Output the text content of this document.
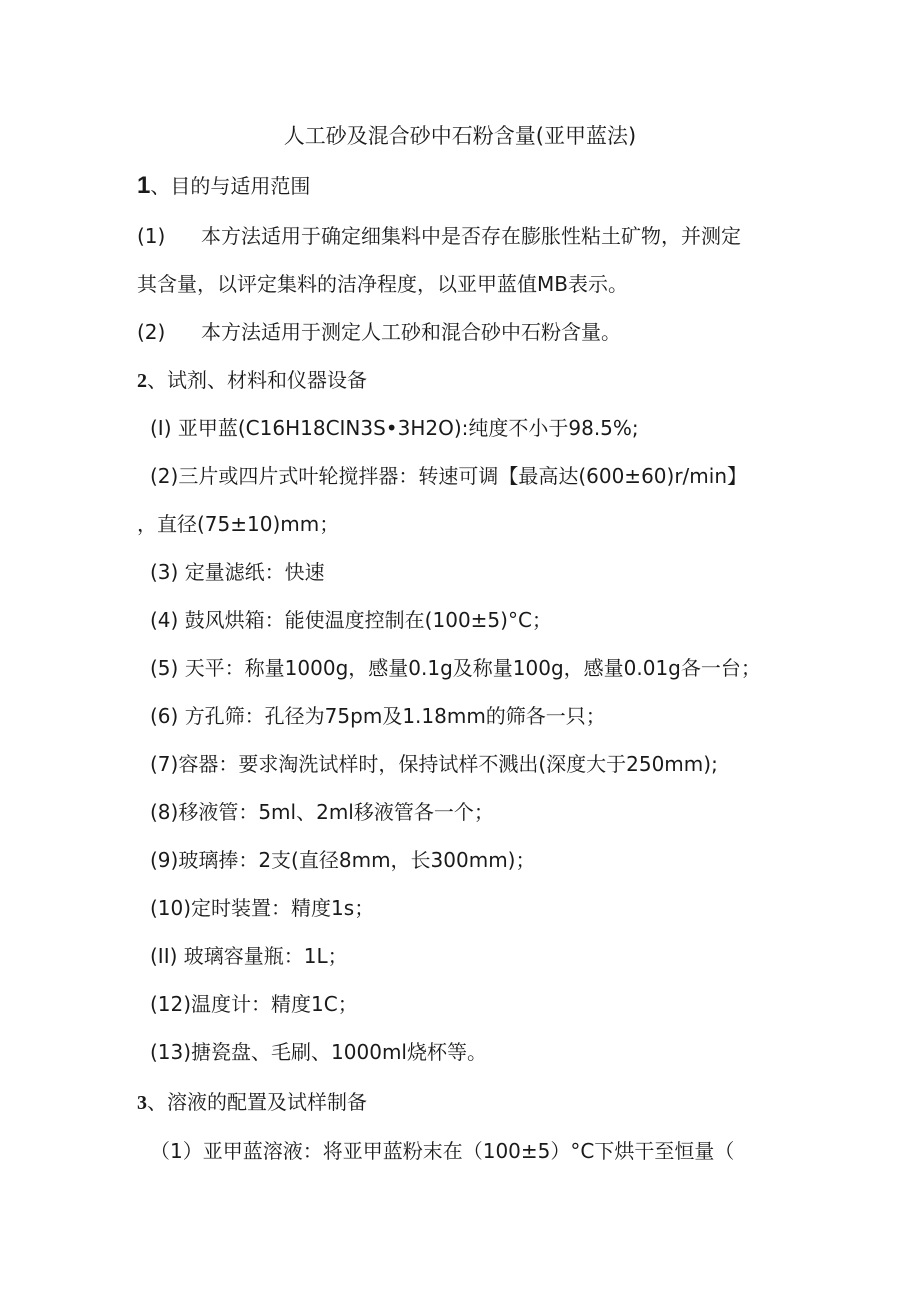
人工砂及混合砂中石粉含量(亚甲蓝法)
1、目的与适用范围
(1) 本方法适用于确定细集料中是否存在膨胀性粘土矿物，并测定
其含量，以评定集料的洁净程度，以亚甲蓝值MB表示。
(2) 本方法适用于测定人工砂和混合砂中石粉含量。
2、试剂、材料和仪器设备
(I) 亚甲蓝(C16H18CIN3S•3H2O):纯度不小于98.5%;
(2)三片或四片式叶轮搅拌器：转速可调【最高达(600±60)r/min】
，直径(75±10)mm；
(3) 定量滤纸：快速
(4) 鼓风烘箱：能使温度控制在(100±5)°C；
(5) 天平：称量1000g，感量0.1g及称量100g，感量0.01g各一台；
(6) 方孔筛：孔径为75pm及1.18mm的筛各一只；
(7)容器：要求淘洗试样时，保持试样不溅出(深度大于250mm);
(8)移液管：5ml、2ml移液管各一个；
(9)玻璃捧：2支(直径8mm，长300mm)；
(10)定时装置：精度1s；
(II) 玻璃容量瓶：1L；
(12)温度计：精度1C；
(13)搪瓷盘、毛刷、1000ml烧杯等。
3、溶液的配置及试样制备
（1）亚甲蓝溶液：将亚甲蓝粉末在（100±5）°C下烘干至恒量（
